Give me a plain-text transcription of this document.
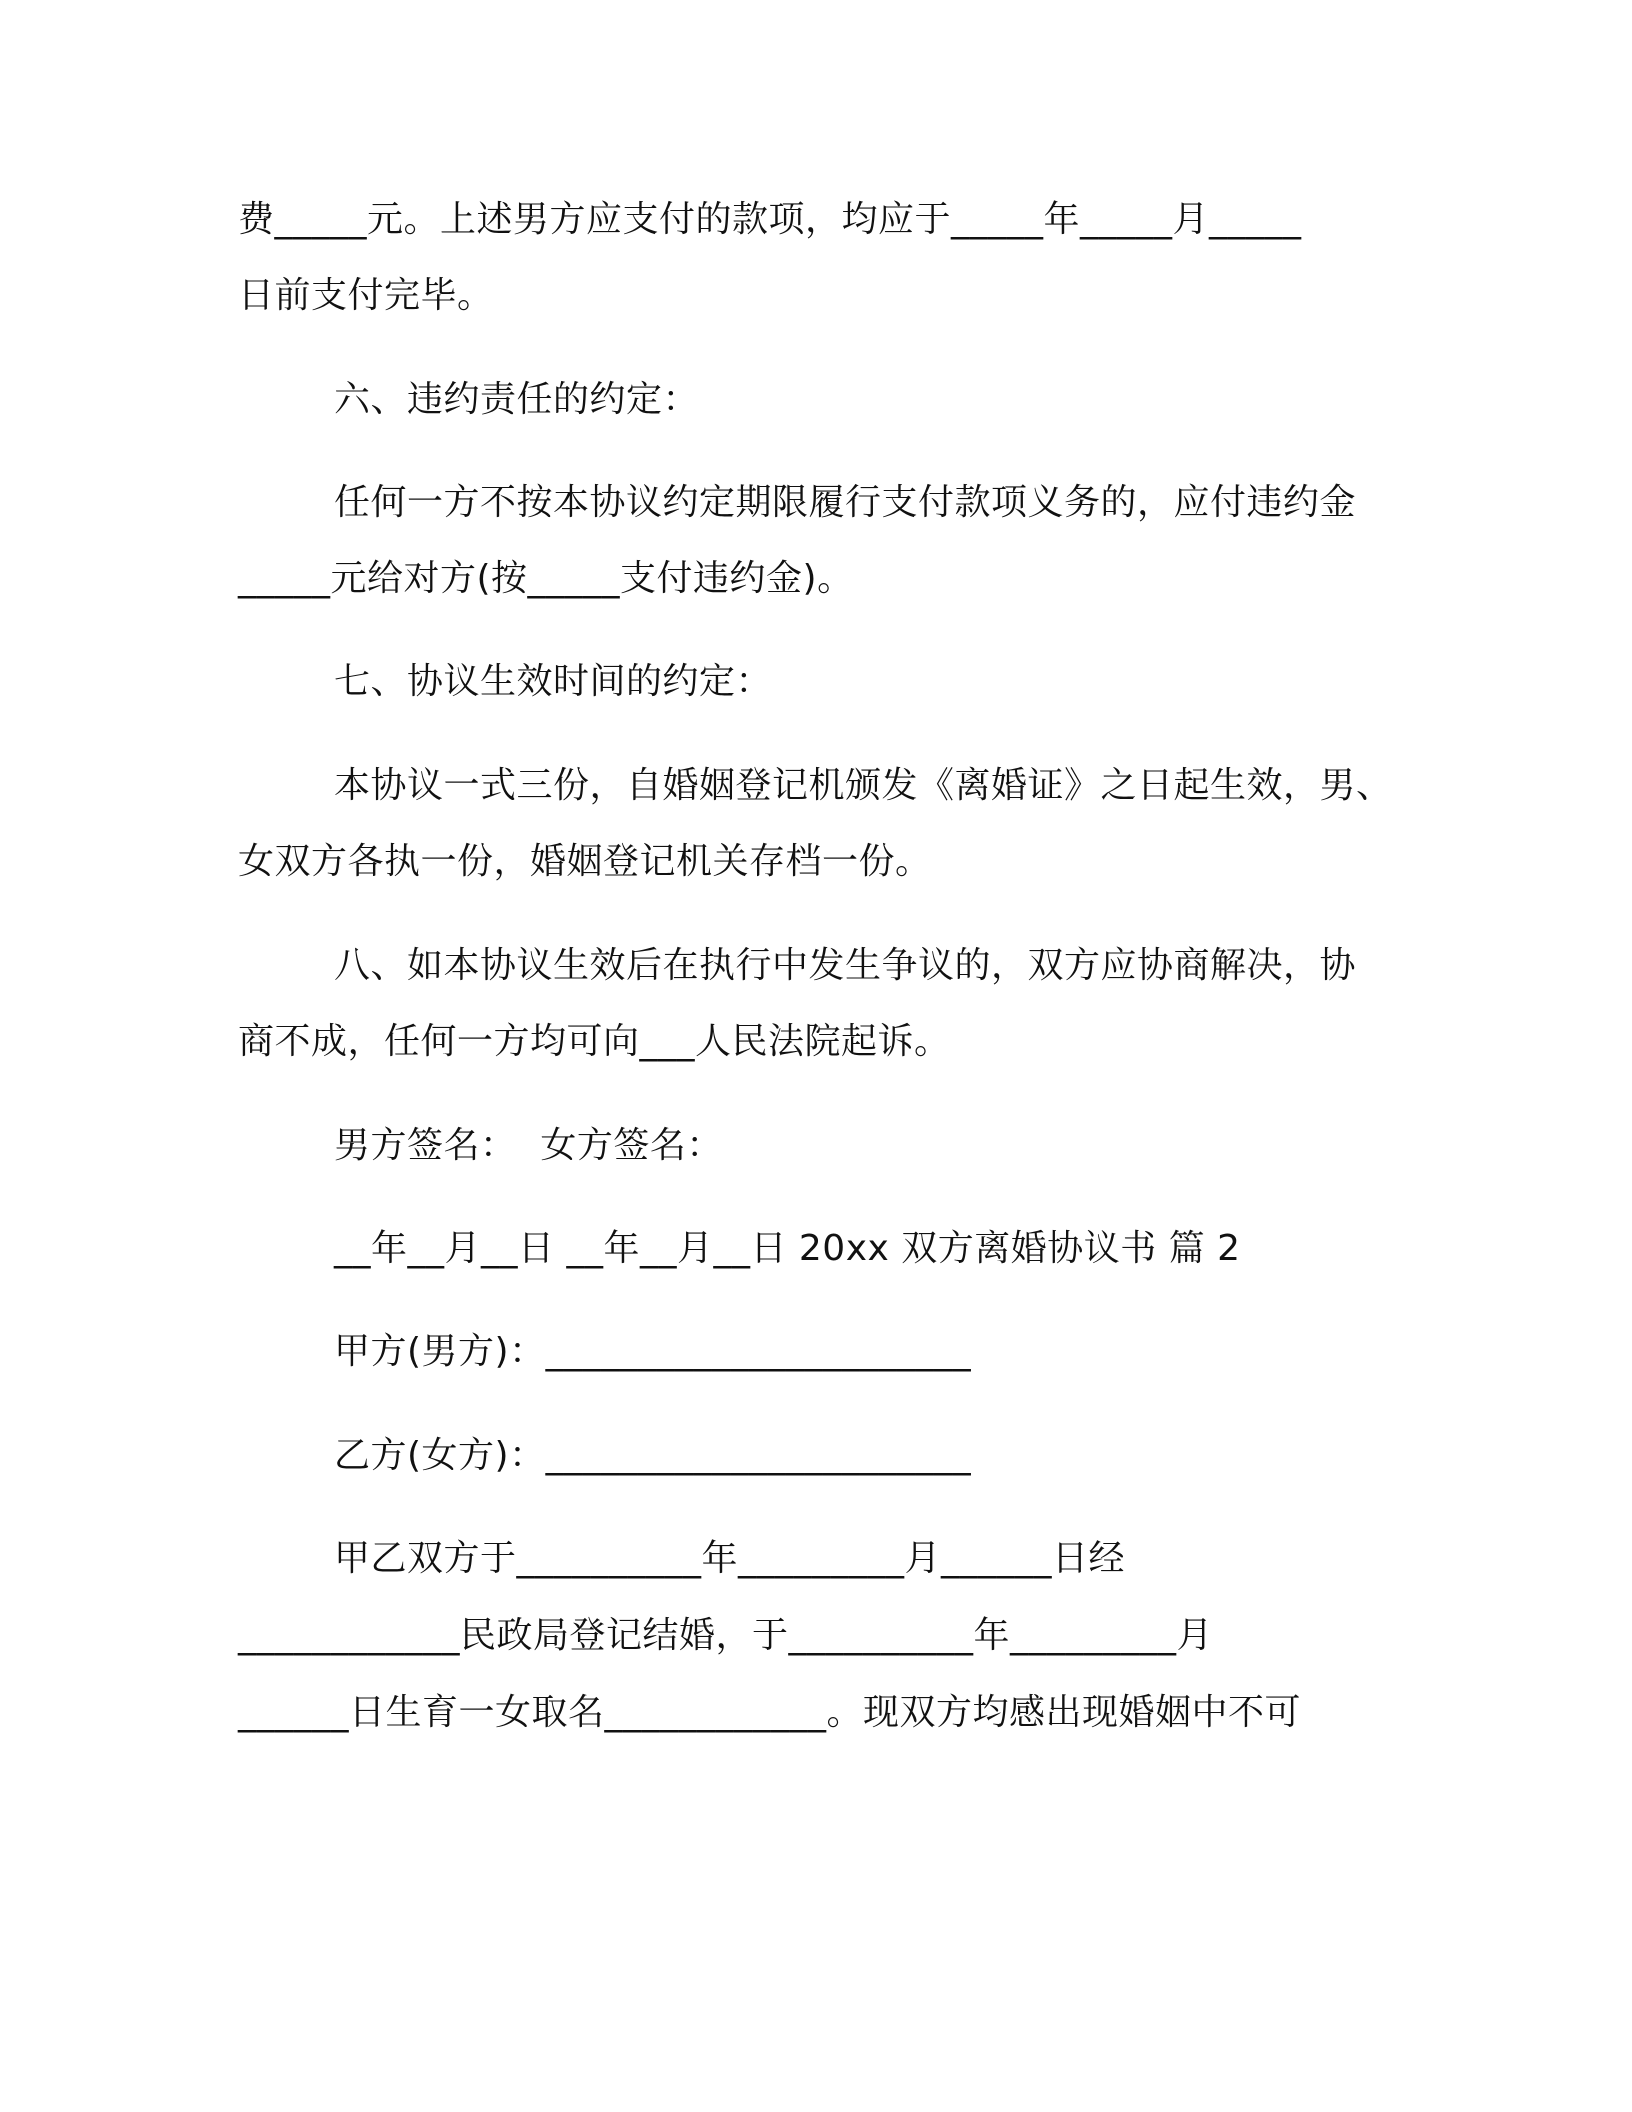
费_____元。上述男方应支付的款项，均应于_____年_____月_____
日前支付完毕。
六、违约责任的约定：
任何一方不按本协议约定期限履行支付款项义务的，应付违约金
_____元给对方(按_____支付违约金)。
七、协议生效时间的约定：
本协议一式三份，自婚姻登记机颁发《离婚证》之日起生效，男、
女双方各执一份，婚姻登记机关存档一份。
八、如本协议生效后在执行中发生争议的，双方应协商解决，协
商不成，任何一方均可向___人民法院起诉。
男方签名：  女方签名：
__年__月__日 __年__月__日 20xx 双方离婚协议书 篇 2
甲方(男方)：_______________________
乙方(女方)：_______________________
甲乙双方于__________年_________月______日经
____________民政局登记结婚，于__________年_________月
______日生育一女取名____________。现双方均感出现婚姻中不可
